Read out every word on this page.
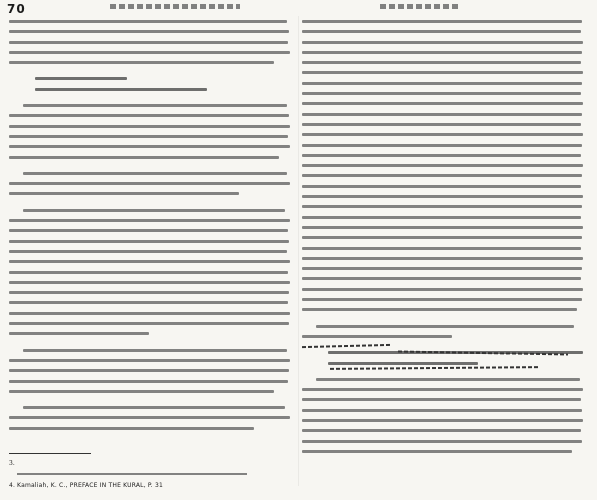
70
3.
4. Kamaliah, K. C., PREFACE IN THE KURAL, P. 31
